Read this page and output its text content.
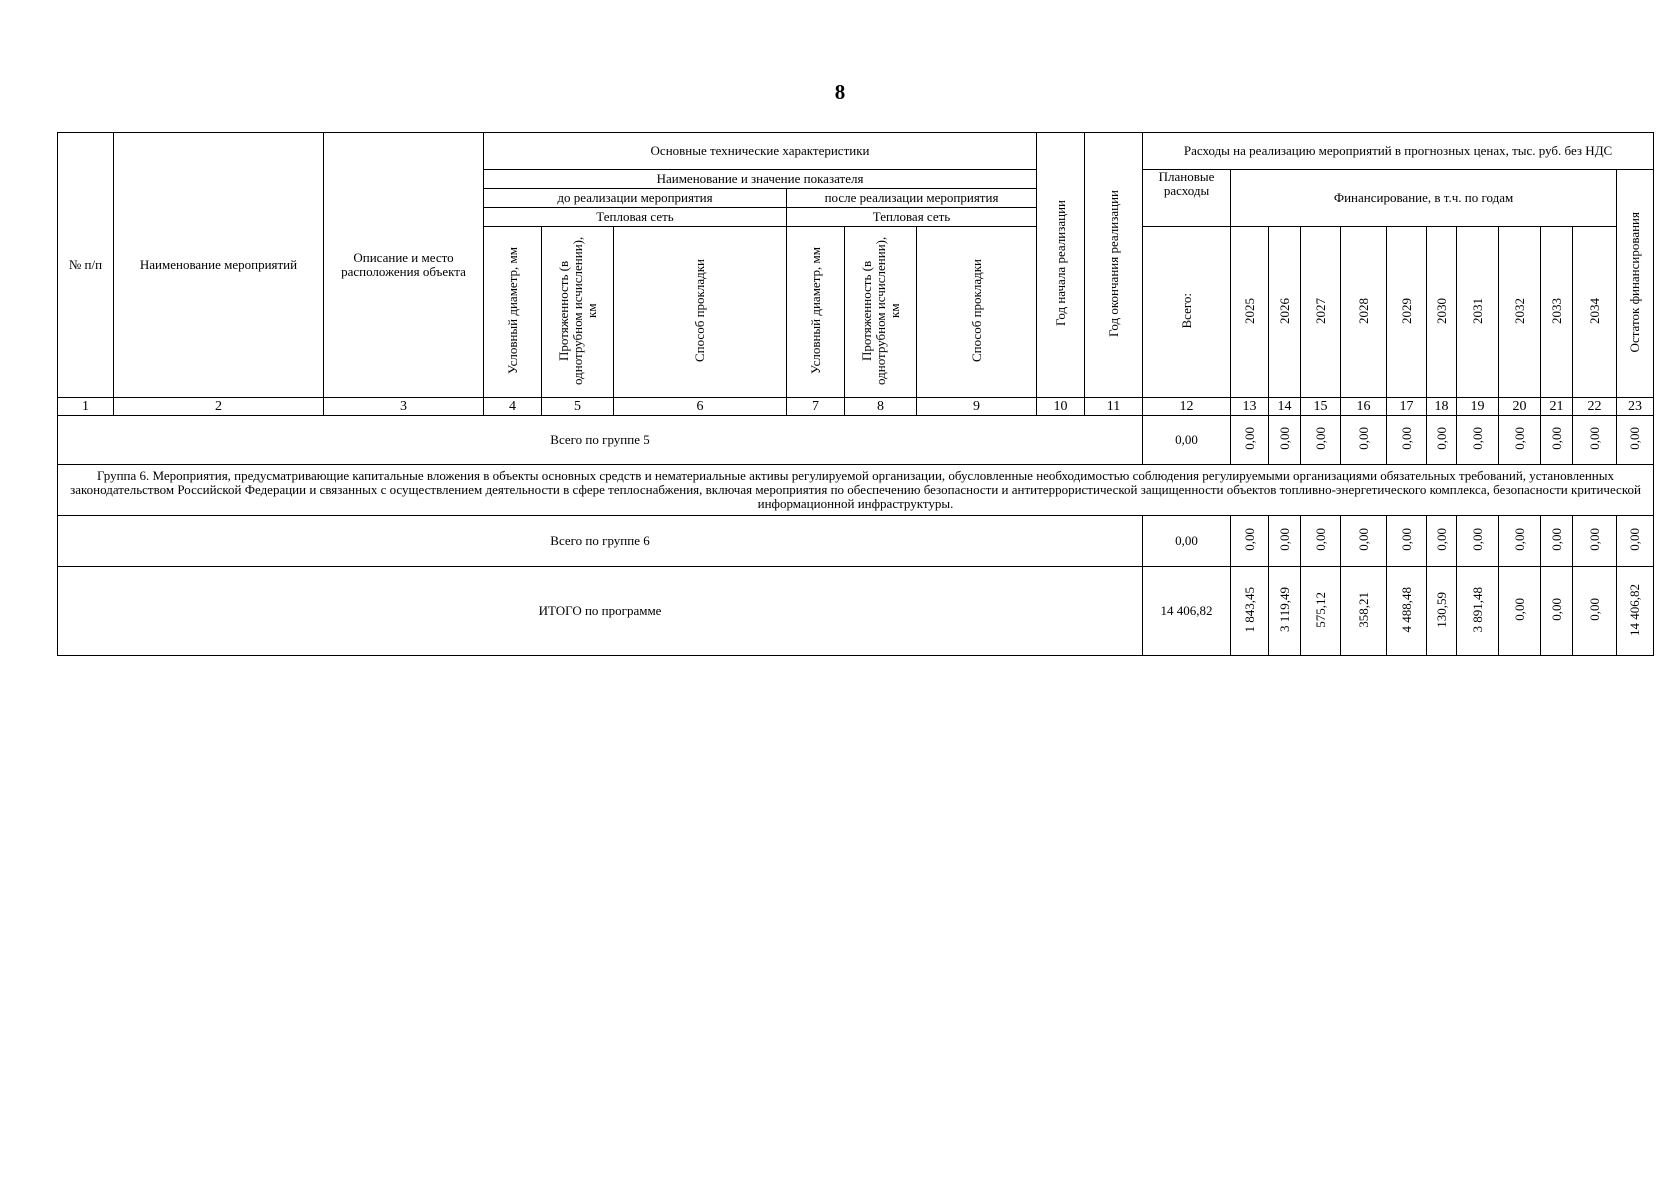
8
№ п/п	Наименование мероприятий	Описание и место расположения объекта	Основные технические характеристики						Год начала реализации	Год окончания реализации	Расходы на реализацию мероприятий в прогнозных ценах, тыс. руб. без НДС											
			Наименование и значение показателя								Плановые расходы	Финансирование, в т.ч. по годам										Остаток финансирования
			до реализации мероприятия			после реализации мероприятия																
			Тепловая сеть			Тепловая сеть																
			Условный диаметр, мм	Протяженность (в однотрубном исчислении), км	Способ прокладки	Условный диаметр, мм	Протяженность (в однотрубном исчислении), км	Способ прокладки			Всего:	2025	2026	2027	2028	2029	2030	2031	2032	2033	2034	
1	2	3	4	5	6	7	8	9	10	11	12	13	14	15	16	17	18	19	20	21	22	23
Всего по группе 5											0,00	0,00	0,00	0,00	0,00	0,00	0,00	0,00	0,00	0,00	0,00	0,00
Группа 6. Мероприятия, предусматривающие капитальные вложения в объекты основных средств и нематериальные активы регулируемой организации, обусловленные необходимостью соблюдения регулируемыми организациями обязательных требований, установленных законодательством Российской Федерации и связанных с осуществлением деятельности в сфере теплоснабжения, включая мероприятия по обеспечению безопасности и антитеррористической защищенности объектов топливно-энергетического комплекса, безопасности критической информационной инфраструктуры.																						
Всего по группе 6											0,00	0,00	0,00	0,00	0,00	0,00	0,00	0,00	0,00	0,00	0,00	0,00
ИТОГО по программе											14 406,82	1 843,45	3 119,49	575,12	358,21	4 488,48	130,59	3 891,48	0,00	0,00	0,00	14 406,82
